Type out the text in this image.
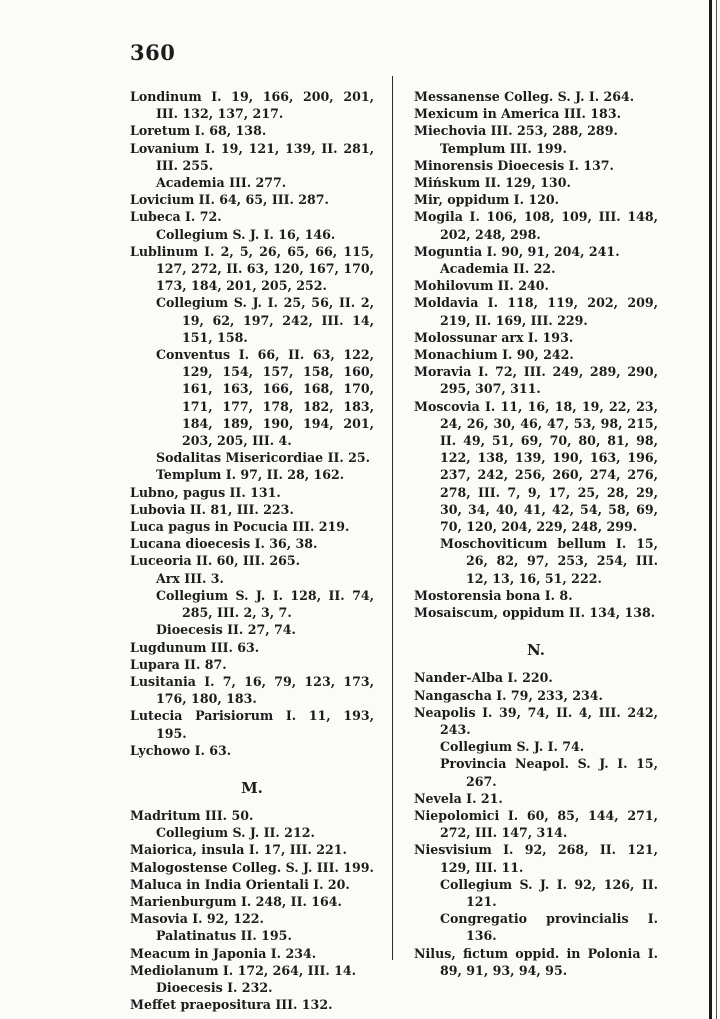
360
Londinum I. 19, 166, 200, 201, III. 132, 137, 217.
Loretum I. 68, 138.
Lovanium I. 19, 121, 139, II. 281, III. 255.
Academia III. 277.
Lovicium II. 64, 65, III. 287.
Lubeca I. 72.
Collegium S. J. I. 16, 146.
Lublinum I. 2, 5, 26, 65, 66, 115, 127, 272, II. 63, 120, 167, 170, 173, 184, 201, 205, 252.
Collegium S. J. I. 25, 56, II. 2, 19, 62, 197, 242, III. 14, 151, 158.
Conventus I. 66, II. 63, 122, 129, 154, 157, 158, 160, 161, 163, 166, 168, 170, 171, 177, 178, 182, 183, 184, 189, 190, 194, 201, 203, 205, III. 4.
Sodalitas Misericordiae II. 25.
Templum I. 97, II. 28, 162.
Lubno, pagus II. 131.
Lubovia II. 81, III. 223.
Luca pagus in Pocucia III. 219.
Lucana dioecesis I. 36, 38.
Luceoria II. 60, III. 265.
Arx III. 3.
Collegium S. J. I. 128, II. 74, 285, III. 2, 3, 7.
Dioecesis II. 27, 74.
Lugdunum III. 63.
Lupara II. 87.
Lusitania I. 7, 16, 79, 123, 173, 176, 180, 183.
Lutecia Parisiorum I. 11, 193, 195.
Lychowo I. 63.
M.
Madritum III. 50.
Collegium S. J. II. 212.
Maiorica, insula I. 17, III. 221.
Malogostense Colleg. S. J. III. 199.
Maluca in India Orientali I. 20.
Marienburgum I. 248, II. 164.
Masovia I. 92, 122.
Palatinatus II. 195.
Meacum in Japonia I. 234.
Mediolanum I. 172, 264, III. 14.
Dioecesis I. 232.
Meffet praepositura III. 132.
Messanense Colleg. S. J. I. 264.
Mexicum in America III. 183.
Miechovia III. 253, 288, 289.
Templum III. 199.
Minorensis Dioecesis I. 137.
Mińskum II. 129, 130.
Mir, oppidum I. 120.
Mogila I. 106, 108, 109, III. 148, 202, 248, 298.
Moguntia I. 90, 91, 204, 241.
Academia II. 22.
Mohilovum II. 240.
Moldavia I. 118, 119, 202, 209, 219, II. 169, III. 229.
Molossunar arx I. 193.
Monachium I. 90, 242.
Moravia I. 72, III. 249, 289, 290, 295, 307, 311.
Moscovia I. 11, 16, 18, 19, 22, 23, 24, 26, 30, 46, 47, 53, 98, 215, II. 49, 51, 69, 70, 80, 81, 98, 122, 138, 139, 190, 163, 196, 237, 242, 256, 260, 274, 276, 278, III. 7, 9, 17, 25, 28, 29, 30, 34, 40, 41, 42, 54, 58, 69, 70, 120, 204, 229, 248, 299.
Moschoviticum bellum I. 15, 26, 82, 97, 253, 254, III. 12, 13, 16, 51, 222.
Mostorensia bona I. 8.
Mosaiscum, oppidum II. 134, 138.
N.
Nander-Alba I. 220.
Nangascha I. 79, 233, 234.
Neapolis I. 39, 74, II. 4, III. 242, 243.
Collegium S. J. I. 74.
Provincia Neapol. S. J. I. 15, 267.
Nevela I. 21.
Niepolomici I. 60, 85, 144, 271, 272, III. 147, 314.
Niesvisium I. 92, 268, II. 121, 129, III. 11.
Collegium S. J. I. 92, 126, II. 121.
Congregatio provincialis I. 136.
Nilus, fictum oppid. in Polonia I. 89, 91, 93, 94, 95.
